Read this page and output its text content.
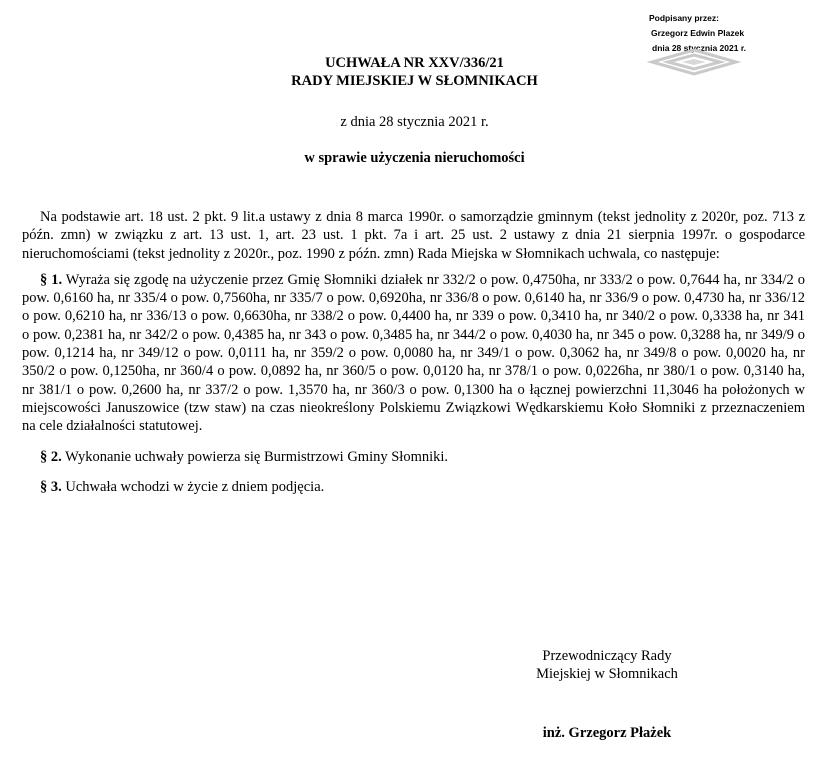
Podpisany przez:
Grzegorz Edwin Plazek
dnia 28 stycznia 2021 r.
UCHWAŁA NR XXV/336/21
RADY MIEJSKIEJ W SŁOMNIKACH
z dnia 28 stycznia 2021 r.
w sprawie użyczenia nieruchomości

Na podstawie art. 18 ust. 2 pkt. 9 lit.a ustawy z dnia 8 marca 1990r. o samorządzie gminnym (tekst jednolity z 2020r, poz. 713 z późn. zmn) w związku z art. 13 ust. 1, art. 23 ust. 1 pkt. 7a i art. 25 ust. 2 ustawy z dnia 21 sierpnia 1997r. o gospodarce nieruchomościami (tekst jednolity z 2020r., poz. 1990 z późn. zmn) Rada Miejska w Słomnikach uchwala, co następuje:

§ 1. Wyraża się zgodę na użyczenie przez Gmię Słomniki działek nr 332/2 o pow. 0,4750ha, nr 333/2 o pow. 0,7644 ha, nr 334/2 o pow. 0,6160 ha, nr 335/4 o pow. 0,7560ha, nr 335/7 o pow. 0,6920ha, nr 336/8 o pow. 0,6140 ha, nr 336/9 o pow. 0,4730 ha, nr 336/12 o pow. 0,6210 ha, nr 336/13 o pow. 0,6630ha, nr 338/2 o pow. 0,4400 ha, nr 339 o pow. 0,3410 ha, nr 340/2 o pow. 0,3338 ha, nr 341 o pow. 0,2381 ha, nr 342/2 o pow. 0,4385 ha, nr 343 o pow. 0,3485 ha, nr 344/2 o pow. 0,4030 ha, nr 345 o pow. 0,3288 ha, nr 349/9 o pow. 0,1214 ha, nr 349/12 o pow. 0,0111 ha, nr 359/2 o pow. 0,0080 ha, nr 349/1 o pow. 0,3062 ha, nr 349/8 o pow. 0,0020 ha, nr 350/2 o pow. 0,1250ha, nr 360/4 o pow. 0,0892 ha, nr 360/5 o pow. 0,0120 ha, nr 378/1 o pow. 0,0226ha, nr 380/1 o pow. 0,3140 ha, nr 381/1 o pow. 0,2600 ha, nr 337/2 o pow. 1,3570 ha, nr 360/3 o pow. 0,1300 ha o łącznej powierzchni 11,3046 ha położonych w miejscowości Januszowice (tzw staw) na czas nieokreślony Polskiemu Związkowi Wędkarskiemu Koło Słomniki z przeznaczeniem na cele działalności statutowej.

§ 2. Wykonanie uchwały powierza się Burmistrzowi Gminy Słomniki.

§ 3. Uchwała wchodzi w życie z dniem podjęcia.

Przewodniczący Rady
Miejskiej w Słomnikach
inż. Grzegorz Płażek
